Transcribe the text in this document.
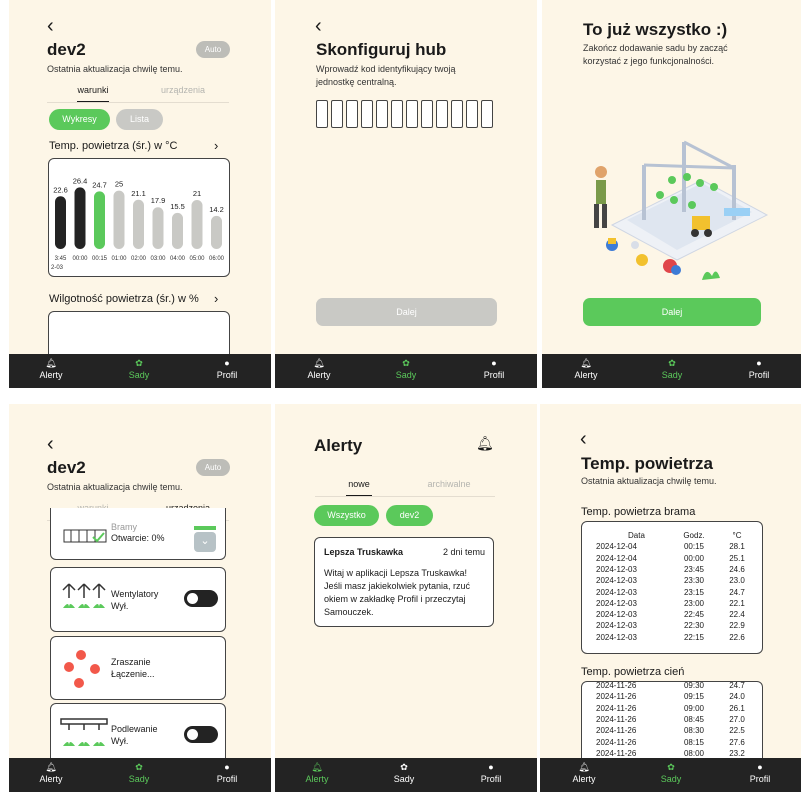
‹
dev2	Auto
Ostatnia aktualizacja chwilę temu.
warunki	urządzenia
Wykresy	Lista
Temp. powietrza (śr.) w °C	›
22.6
3:45
26.4
00:00
24.7
00:15
25
01:00
21.1
02:00
17.9
03:00
15.5
04:00
21
05:00
14.2
06:00
2-03
Wilgotność powietrza (śr.) w % ›
🔔︎
Alerty
✿
Sady
●
Profil
‹
Skonfiguruj hub
Wprowadź kod identyfikujący twoją
jednostkę centralną.
Dalej
🔔︎
Alerty
✿
Sady
●
Profil
To już wszystko :)
Zakończ dodawanie sadu by zacząć
korzystać z jego funkcjonalności.
Dalej
🔔︎
Alerty
✿
Sady
●
Profil
‹
dev2	Auto
Ostatnia aktualizacja chwilę temu.
Bramy
Otwarcie: 0%	⌄
Wentylatory
Wył.
Zraszanie
Łączenie...
Podlewanie
Wył.
🔔︎
Alerty
✿
Sady
●
Profil
Alerty	🔔︎
nowe	archiwalne
Wszystko	dev2
Lepsza Truskawka	2 dni temu
Witaj w aplikacji Lepsza Truskawka!
Jeśli masz jakiekolwiek pytania, rzuć
okiem w zakładkę Profil i przeczytaj
Samouczek.
🔔︎
Alerty
✿
Sady
●
Profil
‹
Temp. powietrza
Ostatnia aktualizacja chwilę temu.
Temp. powietrza brama
Data	Godz.	°C
2024-12-04	00:15	28.1
2024-12-04	00:00	25.1
2024-12-03	23:45	24.6
2024-12-03	23:30	23.0
2024-12-03	23:15	24.7
2024-12-03	23:00	22.1
2024-12-03	22:45	22.4
2024-12-03	22:30	22.9
2024-12-03	22:15	22.6
Temp. powietrza cień
2024-11-26	09:30	24.7
2024-11-26	09:15	24.0
2024-11-26	09:00	26.1
2024-11-26	08:45	27.0
2024-11-26	08:30	22.5
2024-11-26	08:15	27.6
2024-11-26	08:00	23.2
🔔︎
Alerty
✿
Sady
●
Profil
